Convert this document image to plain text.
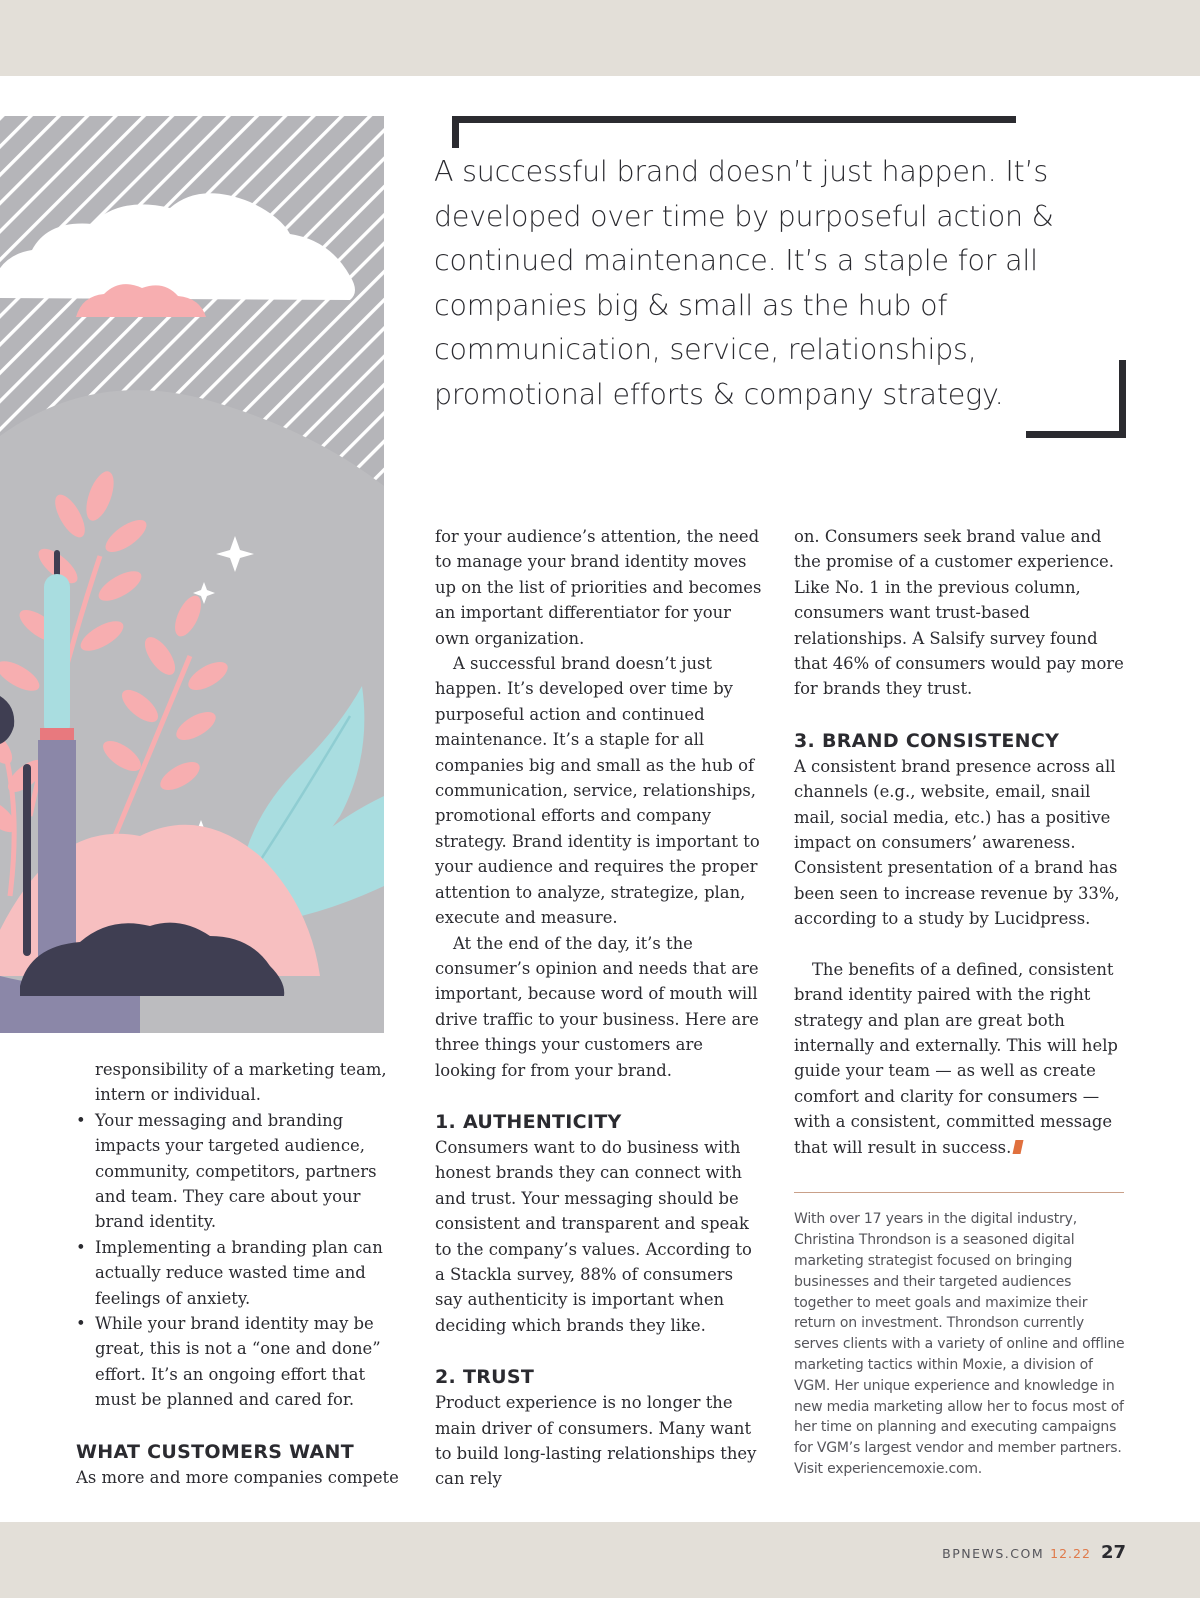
A successful brand doesn’t just happen. It’s developed over time by purposeful action & continued maintenance. It’s a staple for all companies big & small as the hub of communication, service, relationships, promotional efforts & company strategy.

responsibility of a marketing team, intern or individual.

• Your messaging and branding impacts your targeted audience, community, competitors, partners and team. They care about your brand identity.
• Implementing a branding plan can actually reduce wasted time and feelings of anxiety.
• While your brand identity may be great, this is not a “one and done” effort. It’s an ongoing effort that must be planned and cared for.

WHAT CUSTOMERS WANT

As more and more companies compete

for your audience’s attention, the need to manage your brand identity moves up on the list of priorities and becomes an important differentiator for your own organization.

A successful brand doesn’t just happen. It’s developed over time by purposeful action and continued maintenance. It’s a staple for all companies big and small as the hub of communication, service, relationships, promotional efforts and company strategy. Brand identity is important to your audience and requires the proper attention to analyze, strategize, plan, execute and measure.

At the end of the day, it’s the consumer’s opinion and needs that are important, because word of mouth will drive traffic to your business. Here are three things your customers are looking for from your brand.

1. AUTHENTICITY

Consumers want to do business with honest brands they can connect with and trust. Your messaging should be consistent and transparent and speak to the company’s values. According to a Stackla survey, 88% of consumers say authenticity is important when deciding which brands they like.

2. TRUST

Product experience is no longer the main driver of consumers. Many want to build long-lasting relationships they can rely

on. Consumers seek brand value and the promise of a customer experience. Like No. 1 in the previous column, consumers want trust-based relationships. A Salsify survey found that 46% of consumers would pay more for brands they trust.

3. BRAND CONSISTENCY

A consistent brand presence across all channels (e.g., website, email, snail mail, social media, etc.) has a positive impact on consumers’ awareness. Consistent presentation of a brand has been seen to increase revenue by 33%, according to a study by Lucidpress.

The benefits of a defined, consistent brand identity paired with the right strategy and plan are great both internally and externally. This will help guide your team — as well as create comfort and clarity for consumers — with a consistent, committed message that will result in success.

With over 17 years in the digital industry, Christina Throndson is a seasoned digital marketing strategist focused on bringing businesses and their targeted audiences together to meet goals and maximize their return on investment. Throndson currently serves clients with a variety of online and offline marketing tactics within Moxie, a division of VGM. Her unique experience and knowledge in new media marketing allow her to focus most of her time on planning and executing campaigns for VGM’s largest vendor and member partners. Visit experiencemoxie.com.

BPNEWS.COM 12.22 27
